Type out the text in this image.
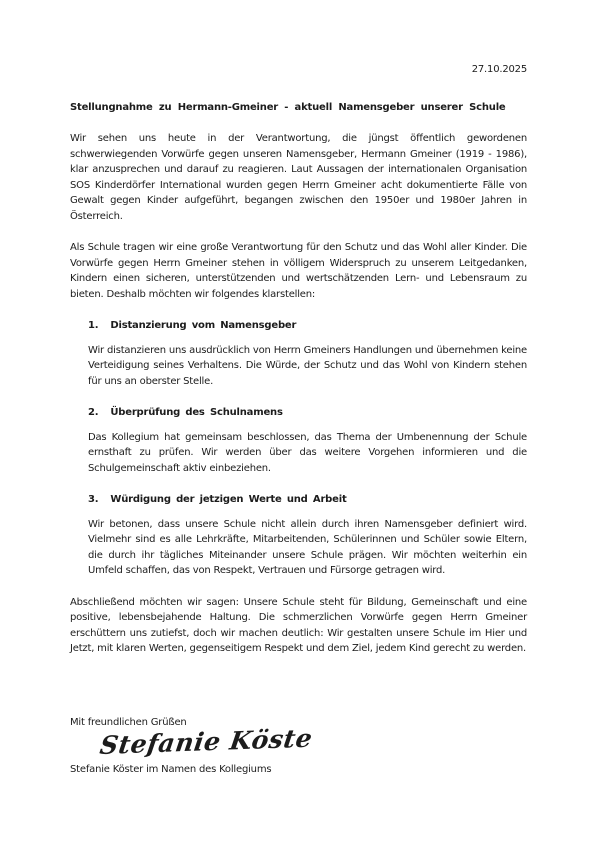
27.10.2025

Stellungnahme zu Hermann-Gmeiner - aktuell Namensgeber unserer Schule

Wir sehen uns heute in der Verantwortung, die jüngst öffentlich gewordenen schwerwiegenden Vorwürfe gegen unseren Namensgeber, Hermann Gmeiner (1919 - 1986), klar anzusprechen und darauf zu reagieren. Laut Aussagen der internationalen Organisation SOS Kinderdörfer International wurden gegen Herrn Gmeiner acht dokumentierte Fälle von Gewalt gegen Kinder aufgeführt, begangen zwischen den 1950er und 1980er Jahren in Österreich.

Als Schule tragen wir eine große Verantwortung für den Schutz und das Wohl aller Kinder. Die Vorwürfe gegen Herrn Gmeiner stehen in völligem Widerspruch zu unserem Leitgedanken, Kindern einen sicheren, unterstützenden und wertschätzenden Lern- und Lebensraum zu bieten. Deshalb möchten wir folgendes klarstellen:

1. Distanzierung vom Namensgeber

Wir distanzieren uns ausdrücklich von Herrn Gmeiners Handlungen und übernehmen keine Verteidigung seines Verhaltens. Die Würde, der Schutz und das Wohl von Kindern stehen für uns an oberster Stelle.

2. Überprüfung des Schulnamens

Das Kollegium hat gemeinsam beschlossen, das Thema der Umbenennung der Schule ernsthaft zu prüfen. Wir werden über das weitere Vorgehen informieren und die Schulgemeinschaft aktiv einbeziehen.

3. Würdigung der jetzigen Werte und Arbeit

Wir betonen, dass unsere Schule nicht allein durch ihren Namensgeber definiert wird. Vielmehr sind es alle Lehrkräfte, Mitarbeitenden, Schülerinnen und Schüler sowie Eltern, die durch ihr tägliches Miteinander unsere Schule prägen. Wir möchten weiterhin ein Umfeld schaffen, das von Respekt, Vertrauen und Fürsorge getragen wird.

Abschließend möchten wir sagen: Unsere Schule steht für Bildung, Gemeinschaft und eine positive, lebensbejahende Haltung. Die schmerzlichen Vorwürfe gegen Herrn Gmeiner erschüttern uns zutiefst, doch wir machen deutlich: Wir gestalten unsere Schule im Hier und Jetzt, mit klaren Werten, gegenseitigem Respekt und dem Ziel, jedem Kind gerecht zu werden.

Mit freundlichen Grüßen

Stefanie Köste

Stefanie Köster im Namen des Kollegiums
